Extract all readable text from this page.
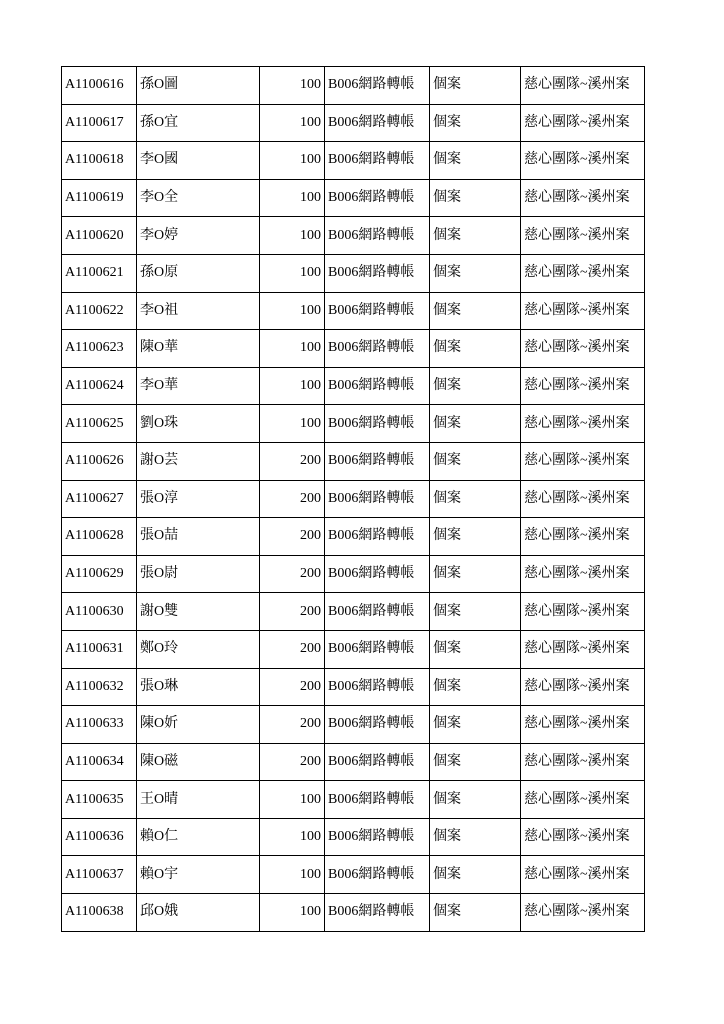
A1100616	孫O圖	100	B006網路轉帳	個案	慈心團隊~溪州案
A1100617	孫O宜	100	B006網路轉帳	個案	慈心團隊~溪州案
A1100618	李O國	100	B006網路轉帳	個案	慈心團隊~溪州案
A1100619	李O全	100	B006網路轉帳	個案	慈心團隊~溪州案
A1100620	李O婷	100	B006網路轉帳	個案	慈心團隊~溪州案
A1100621	孫O原	100	B006網路轉帳	個案	慈心團隊~溪州案
A1100622	李O祖	100	B006網路轉帳	個案	慈心團隊~溪州案
A1100623	陳O華	100	B006網路轉帳	個案	慈心團隊~溪州案
A1100624	李O華	100	B006網路轉帳	個案	慈心團隊~溪州案
A1100625	劉O珠	100	B006網路轉帳	個案	慈心團隊~溪州案
A1100626	謝O芸	200	B006網路轉帳	個案	慈心團隊~溪州案
A1100627	張O淳	200	B006網路轉帳	個案	慈心團隊~溪州案
A1100628	張O喆	200	B006網路轉帳	個案	慈心團隊~溪州案
A1100629	張O尉	200	B006網路轉帳	個案	慈心團隊~溪州案
A1100630	謝O雙	200	B006網路轉帳	個案	慈心團隊~溪州案
A1100631	鄭O玲	200	B006網路轉帳	個案	慈心團隊~溪州案
A1100632	張O琳	200	B006網路轉帳	個案	慈心團隊~溪州案
A1100633	陳O妡	200	B006網路轉帳	個案	慈心團隊~溪州案
A1100634	陳O磁	200	B006網路轉帳	個案	慈心團隊~溪州案
A1100635	王O晴	100	B006網路轉帳	個案	慈心團隊~溪州案
A1100636	賴O仁	100	B006網路轉帳	個案	慈心團隊~溪州案
A1100637	賴O宇	100	B006網路轉帳	個案	慈心團隊~溪州案
A1100638	邱O娥	100	B006網路轉帳	個案	慈心團隊~溪州案
